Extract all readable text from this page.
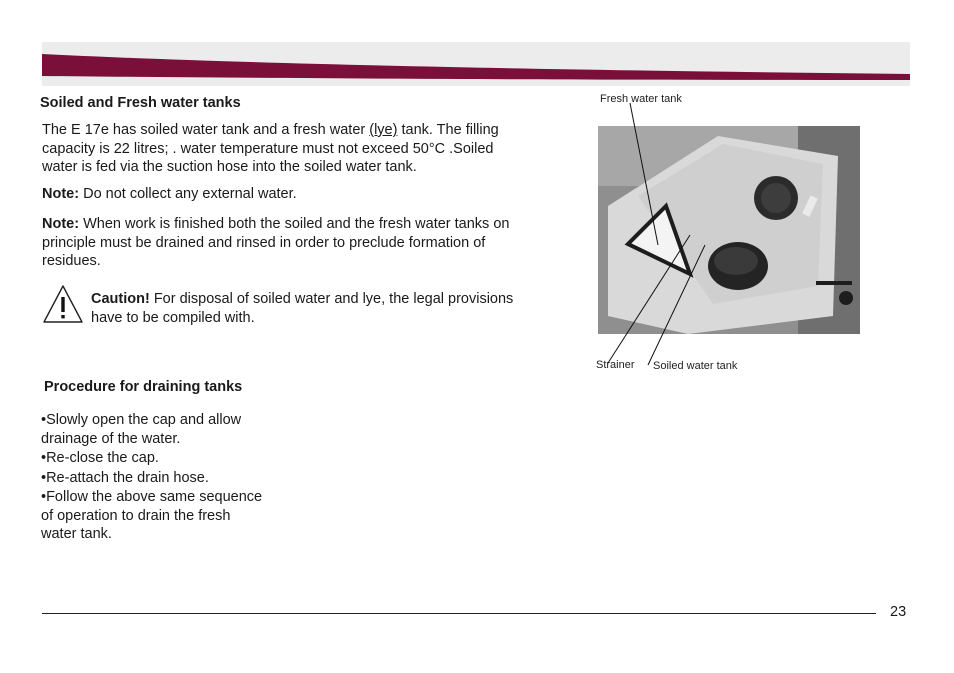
Soiled and Fresh water tanks
The E 17e has soiled water tank and a fresh water (lye) tank. The filling
capacity is 22 litres; . water temperature must not exceed 50°C .Soiled
water is fed via the suction hose into the soiled water tank.
Note: Do not collect any external water.
Note: When work is finished both the soiled and the fresh water tanks on
principle must be drained and rinsed in order to preclude formation of
residues.
Caution! For disposal of soiled water and lye, the legal provisions
have to be compiled with.
Procedure for draining tanks
•Slowly open the cap and allow
drainage of the water.
•Re-close the cap.
•Re-attach the drain hose.
•Follow the above same sequence
of operation to drain the fresh
water tank.
Fresh water tank
Strainer Soiled water tank
23
